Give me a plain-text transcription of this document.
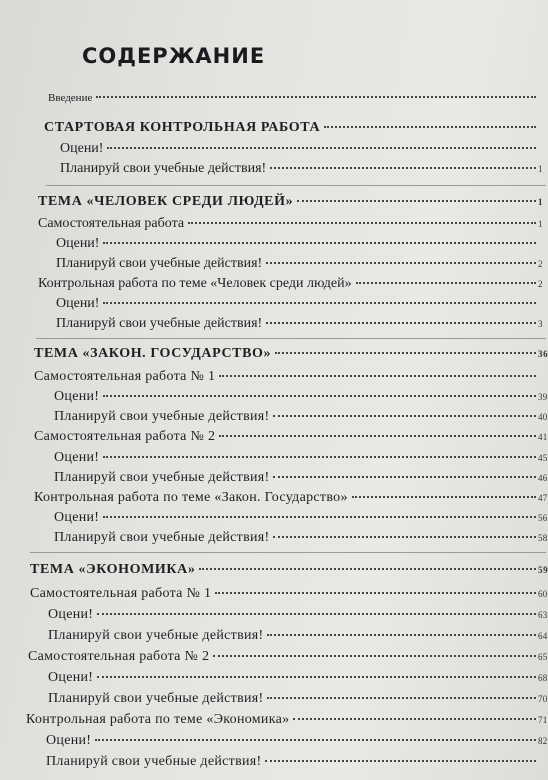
СОДЕРЖАНИЕ
Введение
СТАРТОВАЯ КОНТРОЛЬНАЯ РАБОТА
Оцени!
Планируй свои учебные действия!	1
ТЕМА «ЧЕЛОВЕК СРЕДИ ЛЮДЕЙ»	1
Самостоятельная работа	1
Оцени!
Планируй свои учебные действия!	2
Контрольная работа по теме «Человек среди людей»	2
Оцени!
Планируй свои учебные действия!	3
ТЕМА «ЗАКОН. ГОСУДАРСТВО»	36
Самостоятельная работа № 1
Оцени!	39
Планируй свои учебные действия!	40
Самостоятельная работа № 2	41
Оцени!	45
Планируй свои учебные действия!	46
Контрольная работа по теме «Закон. Государство»	47
Оцени!	56
Планируй свои учебные действия!	58
ТЕМА «ЭКОНОМИКА»	59
Самостоятельная работа № 1	60
Оцени!	63
Планируй свои учебные действия!	64
Самостоятельная работа № 2	65
Оцени!	68
Планируй свои учебные действия!	70
Контрольная работа по теме «Экономика»	71
Оцени!	82
Планируй свои учебные действия!
